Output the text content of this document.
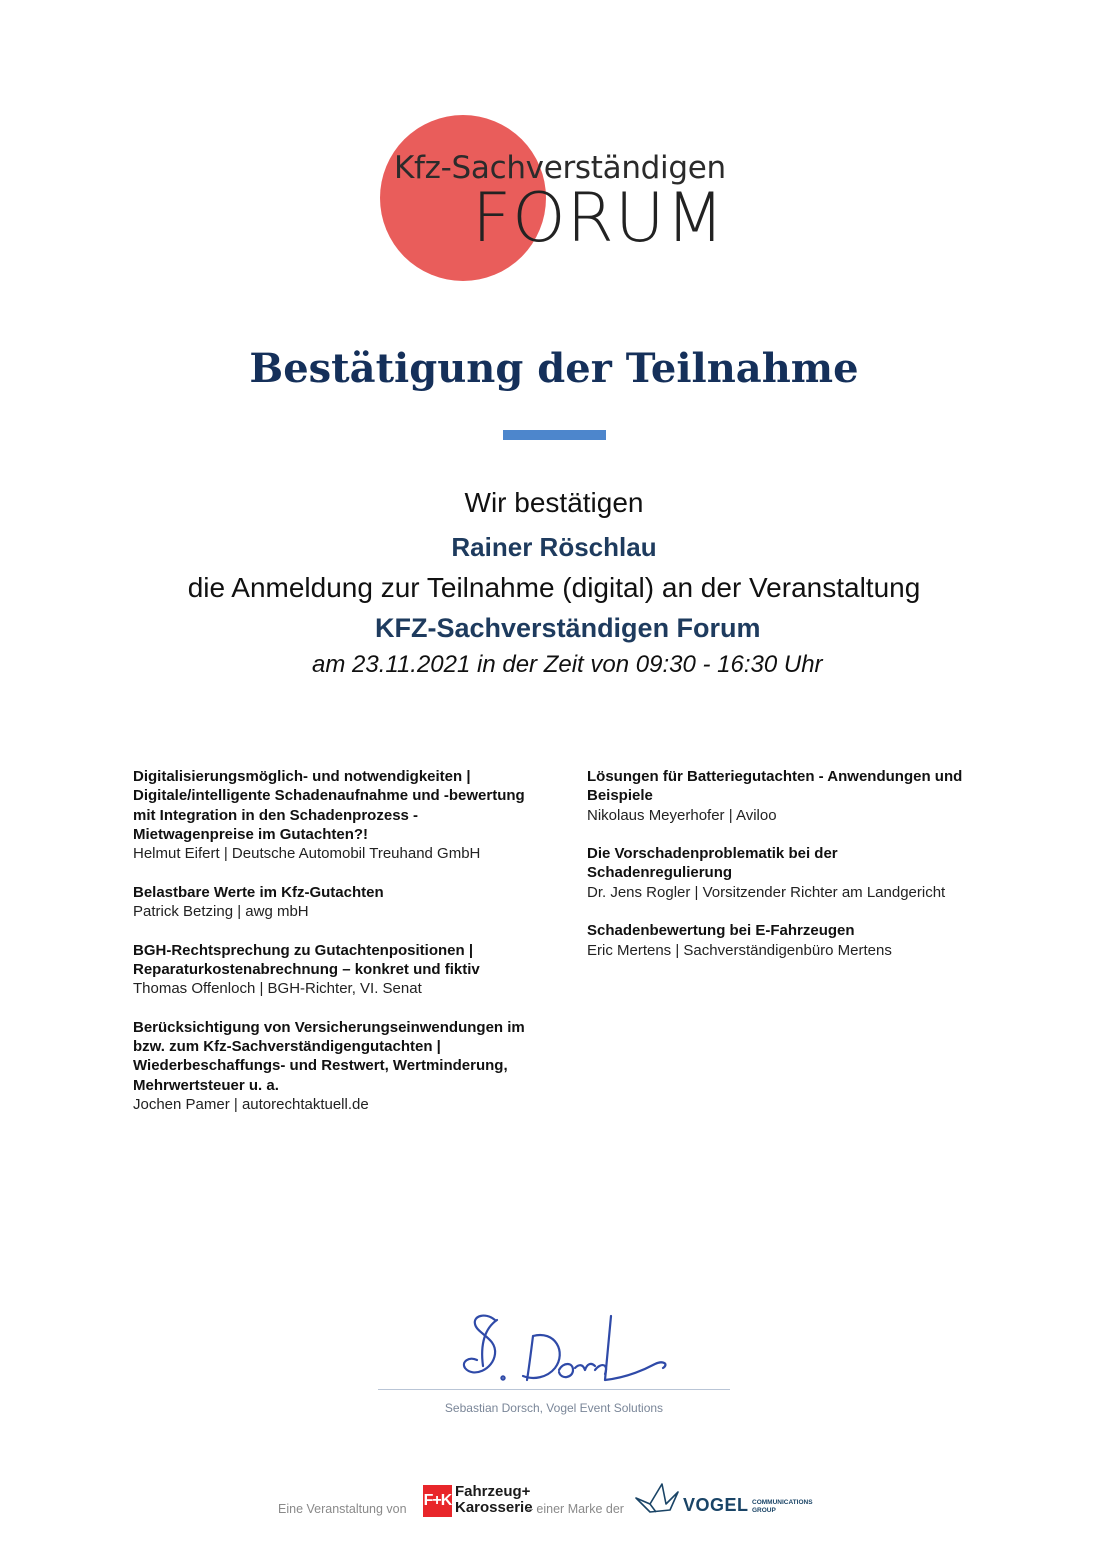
Kfz-Sachverständigen
FORUM
Bestätigung der Teilnahme
Wir bestätigen
Rainer Röschlau
die Anmeldung zur Teilnahme (digital) an der Veranstaltung
KFZ-Sachverständigen Forum
am 23.11.2021 in der Zeit von 09:30 - 16:30 Uhr
Digitalisierungsmöglich- und notwendigkeiten | Digitale/intelligente Schadenaufnahme und -bewertung mit Integration in den Schadenprozess - Mietwagenpreise im Gutachten?!
Helmut Eifert | Deutsche Automobil Treuhand GmbH
Belastbare Werte im Kfz-Gutachten
Patrick Betzing | awg mbH
BGH-Rechtsprechung zu Gutachtenpositionen | Reparaturkostenabrechnung – konkret und fiktiv
Thomas Offenloch | BGH-Richter, VI. Senat
Berücksichtigung von Versicherungseinwendungen im bzw. zum Kfz-Sachverständigengutachten | Wiederbeschaffungs- und Restwert, Wertminderung, Mehrwertsteuer u. a.
Jochen Pamer | autorechtaktuell.de
Lösungen für Batteriegutachten - Anwendungen und Beispiele
Nikolaus Meyerhofer | Aviloo
Die Vorschadenproblematik bei der Schadenregulierung
Dr. Jens Rogler | Vorsitzender Richter am Landgericht
Schadenbewertung bei E-Fahrzeugen
Eric Mertens | Sachverständigenbüro Mertens
Sebastian Dorsch, Vogel Event Solutions
Eine Veranstaltung von F+K
Fahrzeug+
Karosserie
– einer Marke der	VOGEL COMMUNICATIONS
GROUP
